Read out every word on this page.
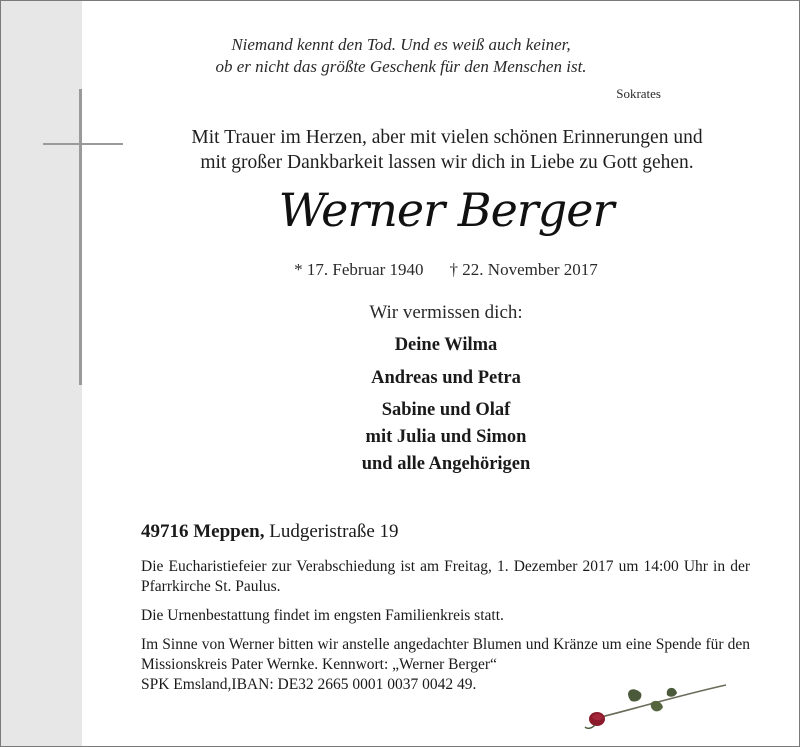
Niemand kennt den Tod. Und es weiß auch keiner,
ob er nicht das größte Geschenk für den Menschen ist.
Sokrates
Mit Trauer im Herzen, aber mit vielen schönen Erinnerungen und
mit großer Dankbarkeit lassen wir dich in Liebe zu Gott gehen.
Werner Berger
* 17. Februar 1940 † 22. November 2017
Wir vermissen dich:
Deine Wilma
Andreas und Petra
Sabine und Olaf
mit Julia und Simon
und alle Angehörigen
49716 Meppen, Ludgeristraße 19
Die Eucharistiefeier zur Verabschiedung ist am Freitag, 1. Dezember 2017 um 14:00 Uhr in der Pfarrkirche St. Paulus.
Die Urnenbestattung findet im engsten Familienkreis statt.
Im Sinne von Werner bitten wir anstelle angedachter Blumen und Kränze um eine Spende für den Missionskreis Pater Wernke. Kennwort: „Werner Berger“
SPK Emsland,IBAN: DE32 2665 0001 0037 0042 49.
